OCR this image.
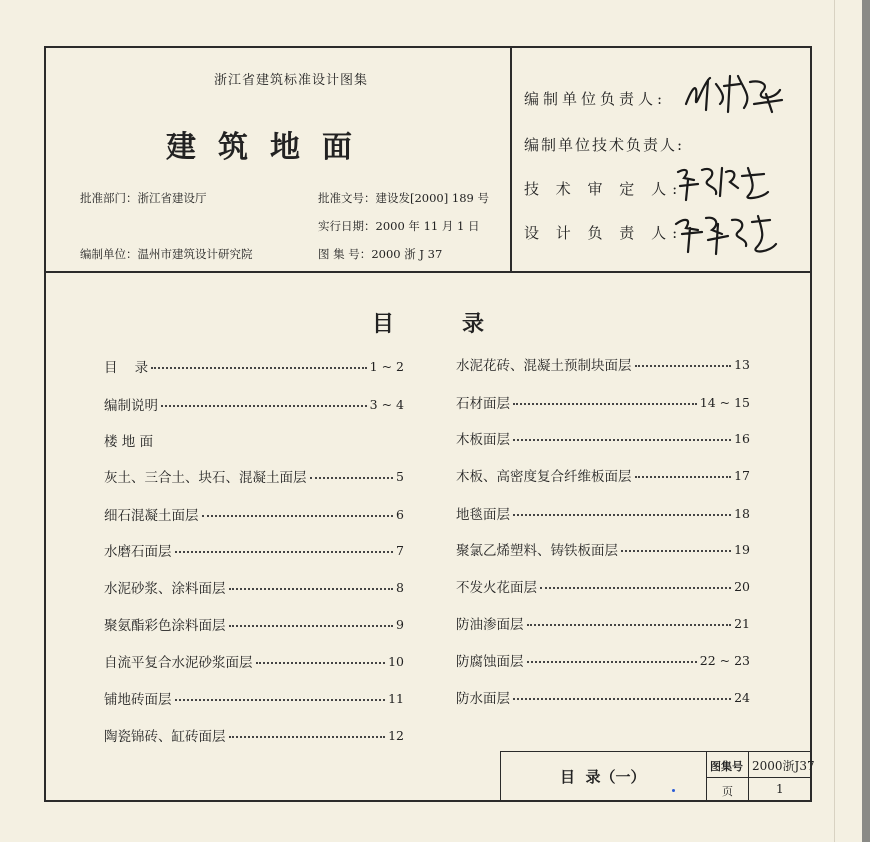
浙江省建筑标准设计图集
建筑地面
批准部门：浙江省建设厅
编制单位：温州市建筑设计研究院
批准文号：建设发[2000] 189 号
实行日期：2000 年 11 月 1 日
图 集 号：2000 浙 J 37
编制单位负责人:
编制单位技术负责人:
技 术 审 定 人:
设 计 负 责 人:
目	录
目    录	1 ~ 2
编制说明	3 ~ 4
楼 地 面
灰土、三合土、块石、混凝土面层	5
细石混凝土面层	6
水磨石面层	7
水泥砂浆、涂料面层	8
聚氨酯彩色涂料面层	9
自流平复合水泥砂浆面层	10
铺地砖面层	11
陶瓷锦砖、缸砖面层	12
水泥花砖、混凝土预制块面层	13
石材面层	14 ~ 15
木板面层	16
木板、高密度复合纤维板面层	17
地毯面层	18
聚氯乙烯塑料、铸铁板面层	19
不发火花面层	20
防油渗面层	21
防腐蚀面层	22 ~ 23
防水面层	24
目  录（一）
图集号 2000浙J37
页	1
